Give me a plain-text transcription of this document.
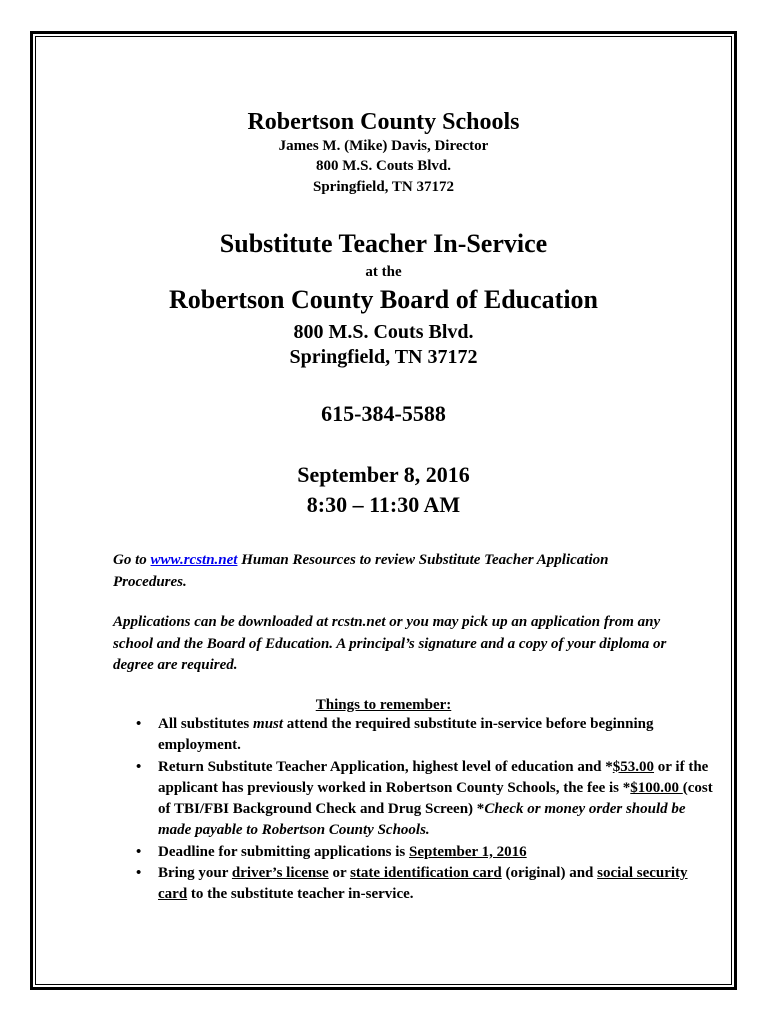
Robertson County Schools

James M. (Mike) Davis, Director

800 M.S. Couts Blvd.

Springfield, TN 37172

Substitute Teacher In-Service

at the

Robertson County Board of Education

800 M.S. Couts Blvd.

Springfield, TN 37172

615-384-5588

September 8, 2016

8:30 – 11:30 AM

Go to www.rcstn.net Human Resources to review Substitute Teacher Application Procedures.

Applications can be downloaded at rcstn.net or you may pick up an application from any school and the Board of Education. A principal’s signature and a copy of your diploma or degree are required.

Things to remember:

• All substitutes must attend the required substitute in-service before beginning employment.
• Return Substitute Teacher Application, highest level of education and *$53.00 or if the applicant has previously worked in Robertson County Schools, the fee is *$100.00 (cost of TBI/FBI Background Check and Drug Screen) *Check or money order should be made payable to Robertson County Schools.
• Deadline for submitting applications is September 1, 2016
• Bring your driver’s license or state identification card (original) and social security card to the substitute teacher in-service.
